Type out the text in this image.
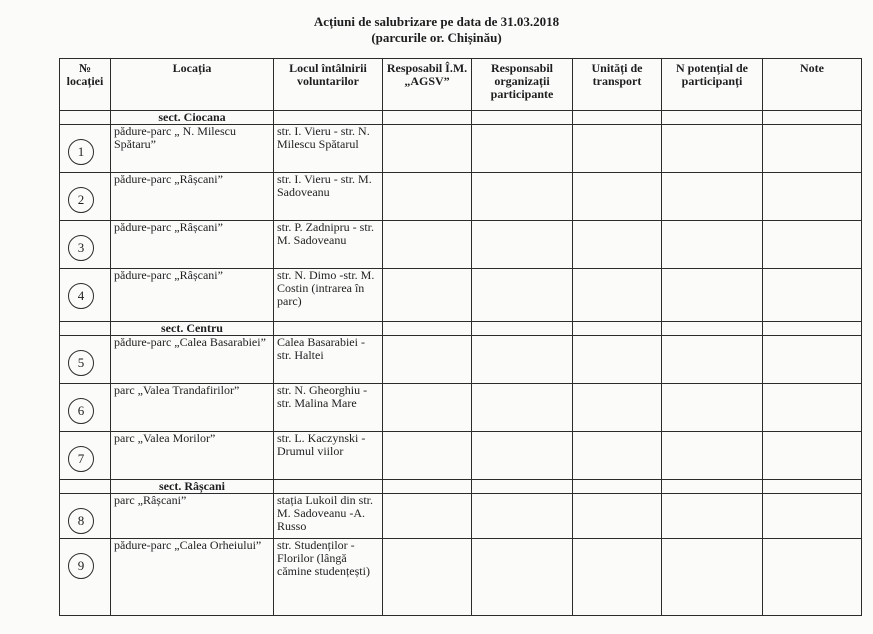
Acțiuni de salubrizare pe data de 31.03.2018
(parcurile or. Chișinău)
№ locației	Locația	Locul întâlnirii voluntarilor	Resposabil Î.M. „AGSV”	Responsabil organizații participante	Unități de transport	N potențial de participanți	Note
	sect. Ciocana						

1	pădure-parc „ N. Milescu Spătaru”	str. I. Vieru - str. N. Milescu Spătarul					

2	pădure-parc „Râșcani”	str. I. Vieru - str. M. Sadoveanu					

3	pădure-parc „Râșcani”	str. P. Zadnipru - str. M. Sadoveanu					

4	pădure-parc „Râșcani”	str. N. Dimo -str. M. Costin (intrarea în parc)					
	sect. Centru						

5	pădure-parc „Calea Basarabiei”	Calea Basarabiei - str. Haltei					

6	parc „Valea Trandafirilor”	str. N. Gheorghiu - str. Malina Mare					

7	parc „Valea Morilor”	str. L. Kaczynski - Drumul viilor					
	sect. Râșcani						

8	parc „Râșcani”	stația Lukoil din str. M. Sadoveanu -A. Russo					

9	pădure-parc „Calea Orheiului”	str. Studenților - Florilor (lângă cămine studențești)					
